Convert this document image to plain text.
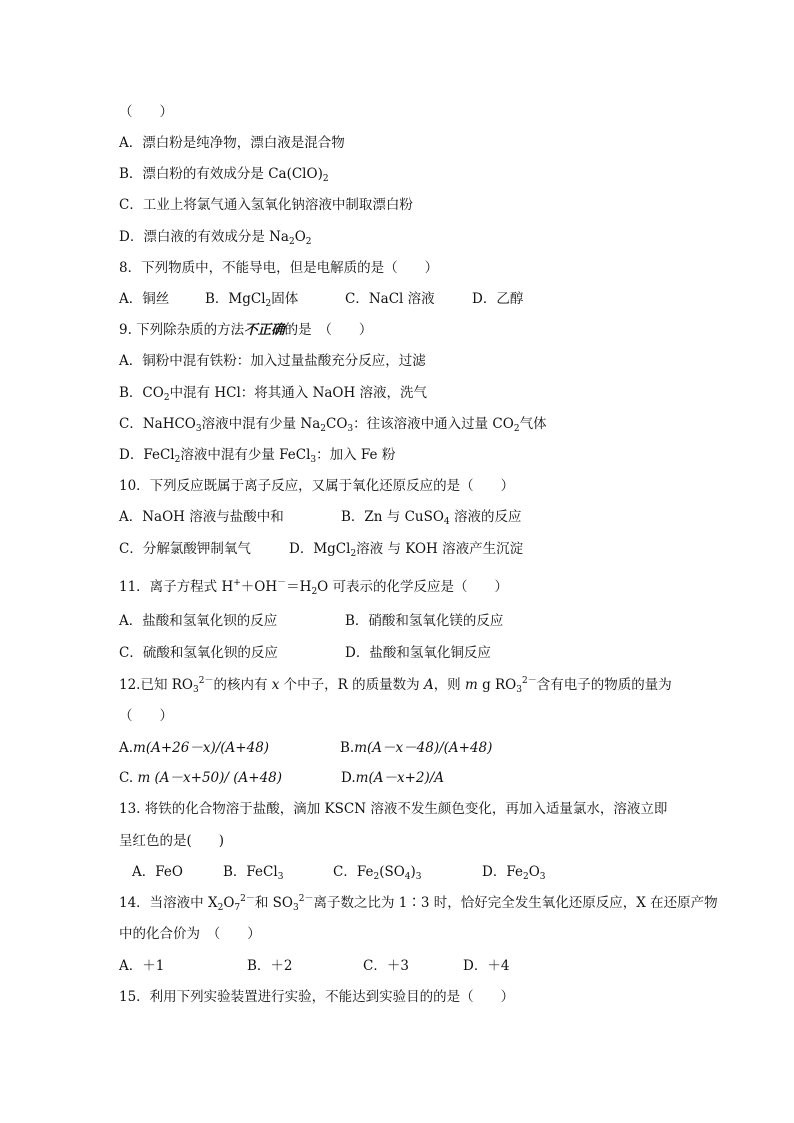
（　　）
A．漂白粉是纯净物，漂白液是混合物
B．漂白粉的有效成分是 $Ca(ClO)_2$
C．工业上将氯气通入氢氧化钠溶液中制取漂白粉
D．漂白液的有效成分是 $Na_2O_2$
8．下列物质中，不能导电，但是电解质的是（　　）
A．铜丝	B．MgCl$_2$固体	C．NaCl 溶液	D．乙醇
9. 下列除杂质的方法不正确的是　（　　）
A．铜粉中混有铁粉：加入过量盐酸充分反应，过滤
B．$CO_2$中混有 HCl：将其通入 NaOH 溶液，洗气
C．NaHCO$_3$溶液中混有少量 $Na_2CO_3$：往该溶液中通入过量 $CO_2$气体
D．FeCl$_2$溶液中混有少量 FeCl$_3$：加入 Fe 粉
10．下列反应既属于离子反应，又属于氧化还原反应的是（　　）
A．NaOH 溶液与盐酸中和	B．Zn 与 CuSO$_4$ 溶液的反应
C．分解氯酸钾制氧气	D．MgCl$_2$溶液 与 KOH 溶液产生沉淀
11．离子方程式 $H^++OH^-=H_2O$ 可表示的化学反应是（　　）
A．盐酸和氢氧化钡的反应	B．硝酸和氢氧化镁的反应
C．硫酸和氢氧化钡的反应	D．盐酸和氢氧化铜反应
12.已知 $RO_3^{2-}$的核内有 x 个中子，R 的质量数为 A，则 m g $RO_3^{2-}$含有电子的物质的量为
（　　）
A.m(A+26－x)/(A+48)	B.m(A－x－48)/(A+48)
C. m (A－x+50)/ (A+48)	D.m(A－x+2)/A
13. 将铁的化合物溶于盐酸，滴加 KSCN 溶液不发生颜色变化，再加入适量氯水，溶液立即
呈红色的是(　　)
A．FeO	B．FeCl$_3$	C．$Fe_2(SO_4)_3$	D．$Fe_2O_3$
14．当溶液中 $X_2O_7^{2-}$和 $SO_3^{2-}$离子数之比为 1∶3 时，恰好完全发生氧化还原反应，X 在还原产物
中的化合价为　（　　）
A．＋1	B．＋2	C．＋3	D．＋4
15．利用下列实验装置进行实验，不能达到实验目的的是（　　）
